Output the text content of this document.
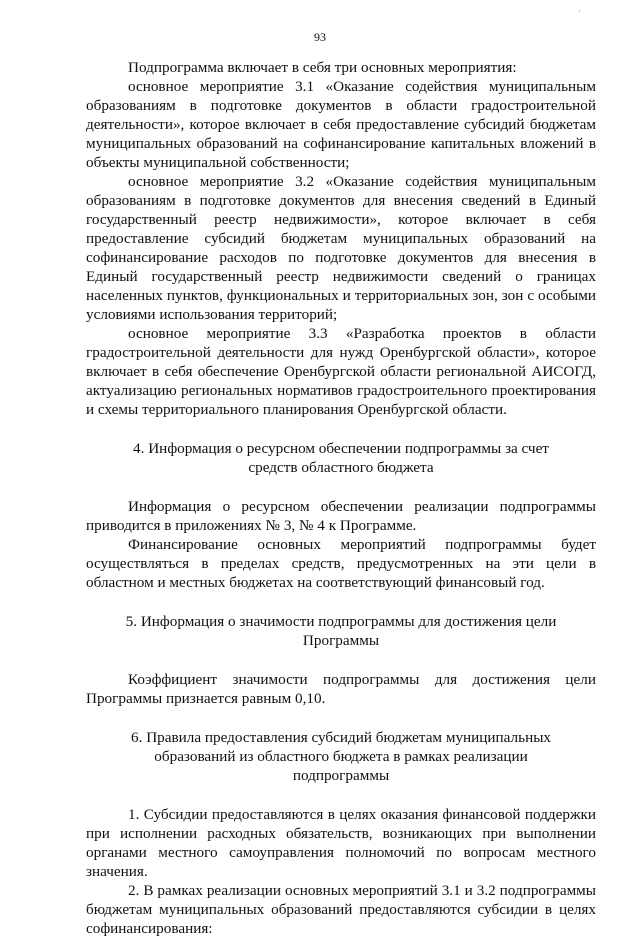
'
93

Подпрограмма включает в себя три основных мероприятия:

основное мероприятие 3.1 «Оказание содействия муниципальным образованиям в подготовке документов в области градостроительной деятельности», которое включает в себя предоставление субсидий бюджетам муниципальных образований на софинансирование капитальных вложений в объекты муниципальной собственности;

основное мероприятие 3.2 «Оказание содействия муниципальным образованиям в подготовке документов для внесения сведений в Единый государственный реестр недвижимости», которое включает в себя предоставление субсидий бюджетам муниципальных образований на софинансирование расходов по подготовке документов для внесения в Единый государственный реестр недвижимости сведений о границах населенных пунктов, функциональных и территориальных зон, зон с особыми условиями использования территорий;

основное мероприятие 3.3 «Разработка проектов в области градостроительной деятельности для нужд Оренбургской области», которое включает в себя обеспечение Оренбургской области региональной АИСОГД, актуализацию региональных нормативов градостроительного проектирования и схемы территориального планирования Оренбургской области.

4. Информация о ресурсном обеспечении подпрограммы за счет средств областного бюджета

Информация о ресурсном обеспечении реализации подпрограммы приводится в приложениях № 3, № 4 к Программе.

Финансирование основных мероприятий подпрограммы будет осуществляться в пределах средств, предусмотренных на эти цели в областном и местных бюджетах на соответствующий финансовый год.

5. Информация о значимости подпрограммы для достижения цели Программы

Коэффициент значимости подпрограммы для достижения цели Программы признается равным 0,10.

6. Правила предоставления субсидий бюджетам муниципальных образований из областного бюджета в рамках реализации подпрограммы

1. Субсидии предоставляются в целях оказания финансовой поддержки при исполнении расходных обязательств, возникающих при выполнении органами местного самоуправления полномочий по вопросам местного значения.

2. В рамках реализации основных мероприятий 3.1 и 3.2 подпрограммы бюджетам муниципальных образований предоставляются субсидии в целях софинансирования:
